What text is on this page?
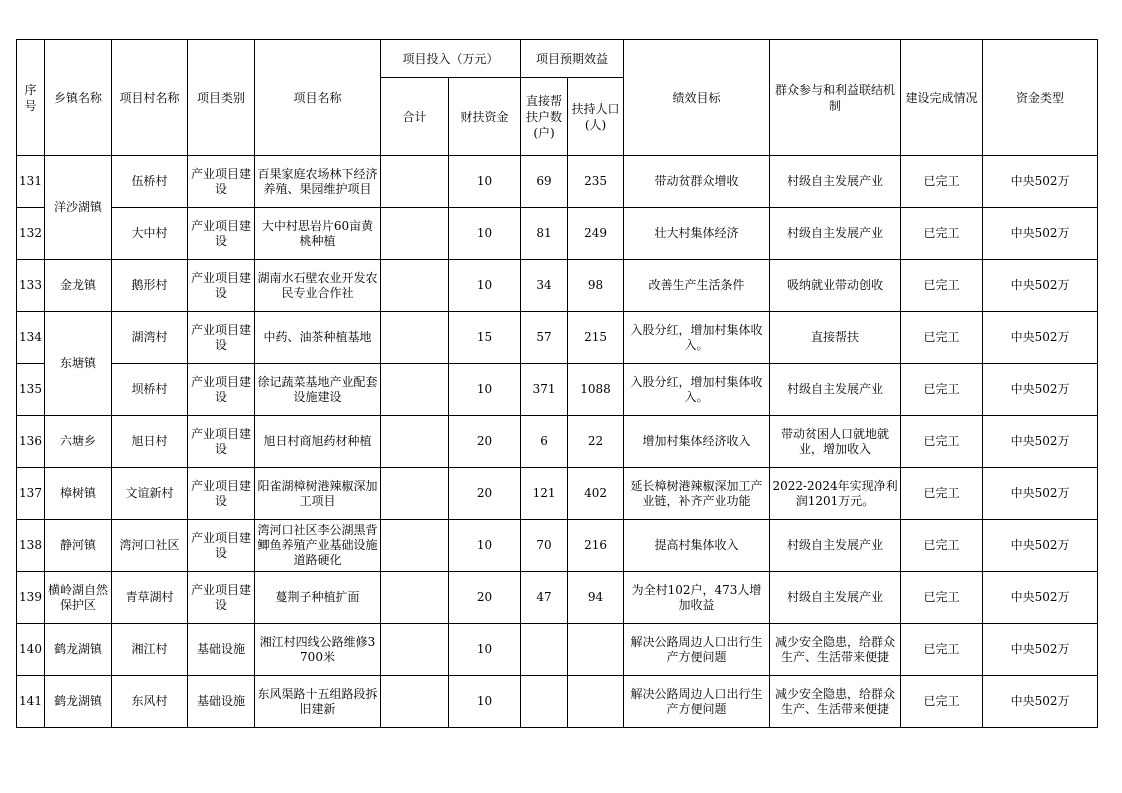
序号	乡镇名称	项目村名称	项目类别	项目名称	项目投入（万元）		项目预期效益		绩效目标	群众参与和利益联结机制	建设完成情况	资金类型
					合计	财扶资金	直接帮扶户数(户)	扶持人口(人)				
131	洋沙湖镇	伍桥村	产业项目建设	百果家庭农场林下经济养殖、果园维护项目		10	69	235	带动贫群众增收	村级自主发展产业	已完工	中央502万
132		大中村	产业项目建设	大中村思岩片60亩黄桃种植		10	81	249	壮大村集体经济	村级自主发展产业	已完工	中央502万
133	金龙镇	鹅形村	产业项目建设	湖南水石壁农业开发农民专业合作社		10	34	98	改善生产生活条件	吸纳就业带动创收	已完工	中央502万
134	东塘镇	湖湾村	产业项目建设	中药、油茶种植基地		15	57	215	入股分红，增加村集体收入。	直接帮扶	已完工	中央502万
135		坝桥村	产业项目建设	徐记蔬菜基地产业配套设施建设		10	371	1088	入股分红，增加村集体收入。	村级自主发展产业	已完工	中央502万
136	六塘乡	旭日村	产业项目建设	旭日村商旭药材种植		20	6	22	增加村集体经济收入	带动贫困人口就地就业，增加收入	已完工	中央502万
137	樟树镇	文谊新村	产业项目建设	阳雀湖樟树港辣椒深加工项目		20	121	402	延长樟树港辣椒深加工产业链，补齐产业功能	2022-2024年实现净利润1201万元。	已完工	中央502万
138	静河镇	湾河口社区	产业项目建设	湾河口社区李公湖黑背鲫鱼养殖产业基础设施道路硬化		10	70	216	提高村集体收入	村级自主发展产业	已完工	中央502万
139	横岭湖自然保护区	青草湖村	产业项目建设	蔓荆子种植扩面		20	47	94	为全村102户，473人增加收益	村级自主发展产业	已完工	中央502万
140	鹤龙湖镇	湘江村	基础设施	湘江村四线公路维修3700米		10			解决公路周边人口出行生产方便问题	减少安全隐患，给群众生产、生活带来便捷	已完工	中央502万
141	鹤龙湖镇	东风村	基础设施	东风渠路十五组路段拆旧建新		10			解决公路周边人口出行生产方便问题	减少安全隐患，给群众生产、生活带来便捷	已完工	中央502万
